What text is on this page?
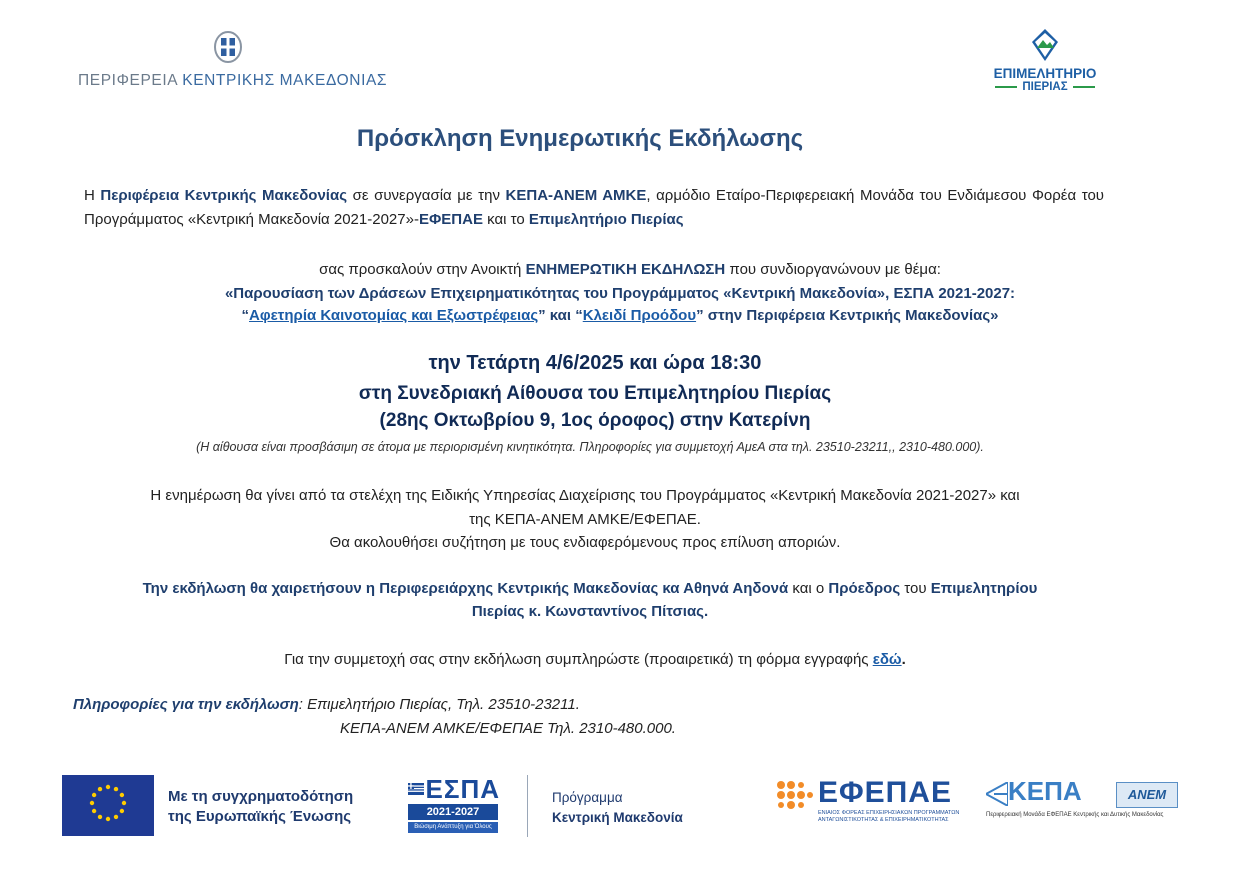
ΠΕΡΙΦΕΡΕΙΑ ΚΕΝΤΡΙΚΗΣ ΜΑΚΕΔΟΝΙΑΣ	ΕΠΙΜΕΛΗΤΗΡΙΟ
ΠΙΕΡΙΑΣ
Πρόσκληση Ενημερωτικής Εκδήλωσης
Η Περιφέρεια Κεντρικής Μακεδονίας σε συνεργασία με την ΚΕΠΑ-ΑΝΕΜ ΑΜΚΕ, αρμόδιο Εταίρο-Περιφερειακή Μονάδα του Ενδιάμεσου Φορέα του Προγράμματος «Κεντρική Μακεδονία 2021-2027»-ΕΦΕΠΑΕ και το Επιμελητήριο Πιερίας
σας προσκαλούν στην Ανοικτή ΕΝΗΜΕΡΩΤΙΚΗ ΕΚΔΗΛΩΣΗ που συνδιοργανώνουν με θέμα:
«Παρουσίαση των Δράσεων Επιχειρηματικότητας του Προγράμματος «Κεντρική Μακεδονία», ΕΣΠΑ 2021-2027:
“Αφετηρία Καινοτομίας και Εξωστρέφειας” και “Κλειδί Προόδου” στην Περιφέρεια Κεντρικής Μακεδονίας»
την Τετάρτη 4/6/2025 και ώρα 18:30
στη Συνεδριακή Αίθουσα του Επιμελητηρίου Πιερίας
(28ης Οκτωβρίου 9, 1ος όροφος) στην Κατερίνη
(Η αίθουσα είναι προσβάσιμη σε άτομα με περιορισμένη κινητικότητα. Πληροφορίες για συμμετοχή ΑμεΑ στα τηλ. 23510-23211,, 2310-480.000).
Η ενημέρωση θα γίνει από τα στελέχη της Ειδικής Υπηρεσίας Διαχείρισης του Προγράμματος «Κεντρική Μακεδονία 2021-2027» και
της ΚΕΠΑ-ΑΝΕΜ ΑΜΚΕ/ΕΦΕΠΑΕ.
Θα ακολουθήσει συζήτηση με τους ενδιαφερόμενους προς επίλυση αποριών.
Την εκδήλωση θα χαιρετήσουν η Περιφερειάρχης Κεντρικής Μακεδονίας κα Αθηνά Αηδονά και ο Πρόεδρος του Επιμελητηρίου
Πιερίας κ. Κωνσταντίνος Πίτσιας.
Για την συμμετοχή σας στην εκδήλωση συμπληρώστε (προαιρετικά) τη φόρμα εγγραφής εδώ.
Πληροφορίες για την εκδήλωση: Επιμελητήριο Πιερίας, Τηλ. 23510-23211.
ΚΕΠΑ-ΑΝΕΜ ΑΜΚΕ/ΕΦΕΠΑΕ Τηλ. 2310-480.000.
Με τη συγχρηματοδότηση
της Ευρωπαϊκής Ένωσης
ΕΣΠΑ
2021-2027
Βιώσιμη Ανάπτυξη για Όλους
Πρόγραμμα
Κεντρική Μακεδονία
ΕΦΕΠΑΕ
ΕΝΙΑΙΟΣ ΦΟΡΕΑΣ ΕΠΙΧΕΙΡΗΣΙΑΚΩΝ ΠΡΟΓΡΑΜΜΑΤΩΝ ΑΝΤΑΓΩΝΙΣΤΙΚΟΤΗΤΑΣ & ΕΠΙΧΕΙΡΗΜΑΤΙΚΟΤΗΤΑΣ
ΚΕΠΑ	ΑΝΕΜ
Περιφερειακή Μονάδα ΕΦΕΠΑΕ Κεντρικής και Δυτικής Μακεδονίας
